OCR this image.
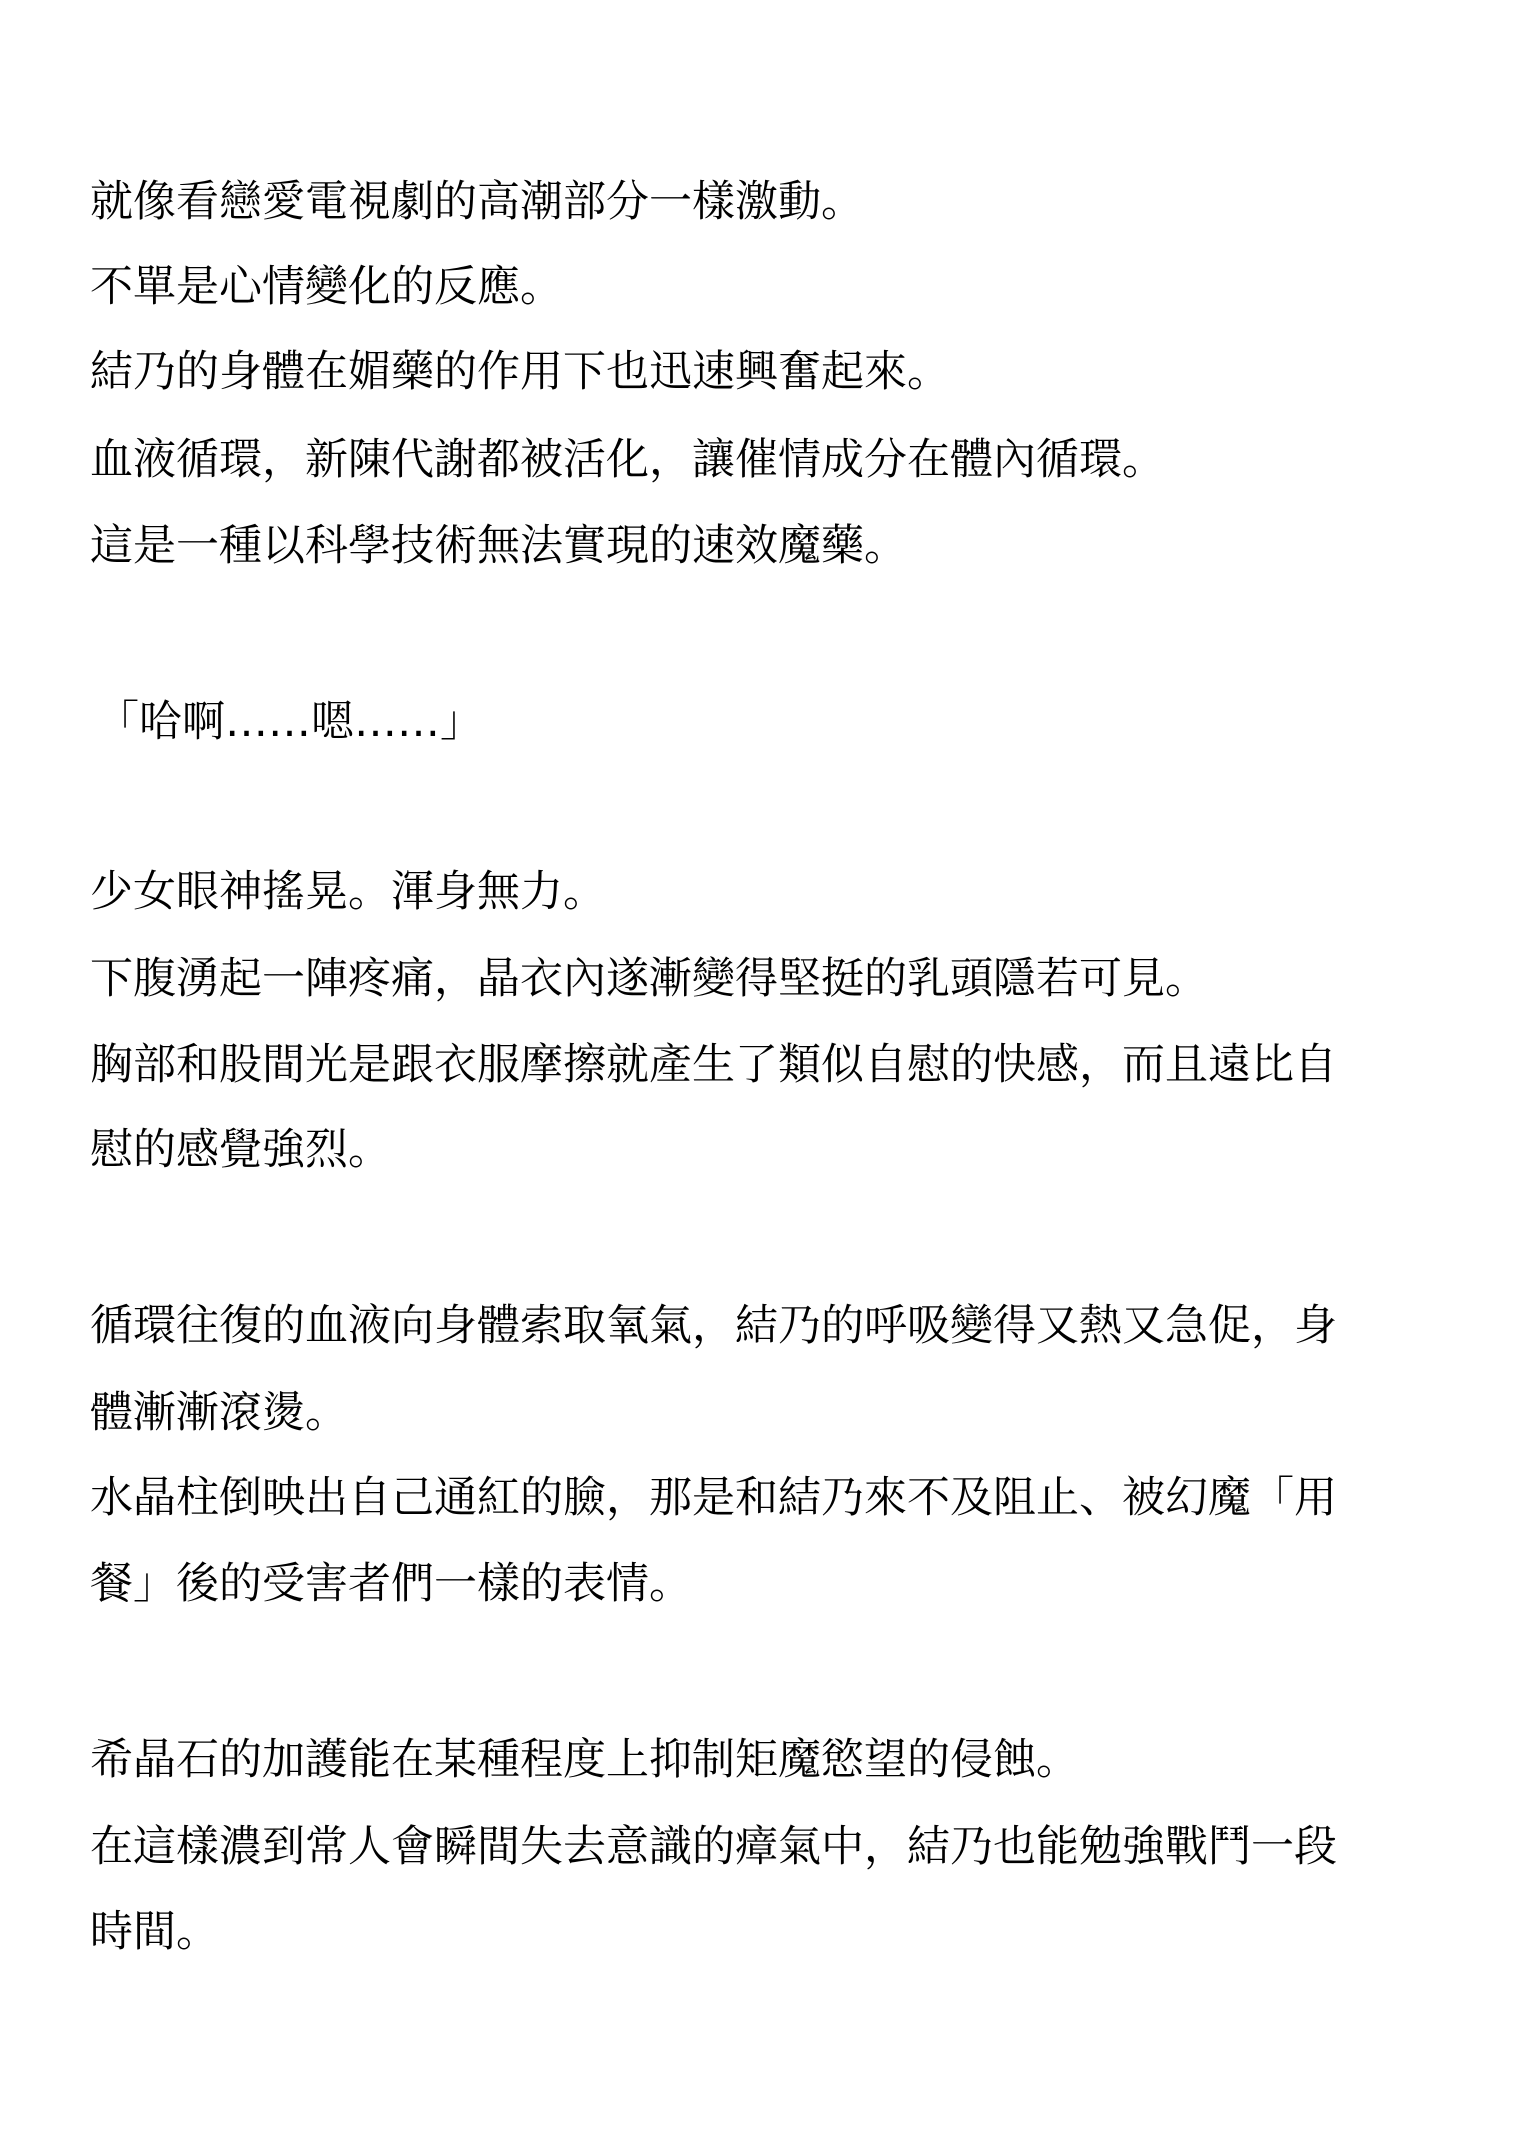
就像看戀愛電視劇的高潮部分一樣激動。

不單是心情變化的反應。

結乃的身體在媚藥的作用下也迅速興奮起來。

血液循環，新陳代謝都被活化，讓催情成分在體內循環。

這是一種以科學技術無法實現的速效魔藥。

「哈啊……嗯……」

少女眼神搖晃。渾身無力。

下腹湧起一陣疼痛，晶衣內遂漸變得堅挺的乳頭隱若可見。

胸部和股間光是跟衣服摩擦就產生了類似自慰的快感，而且遠比自

慰的感覺強烈。

循環往復的血液向身體索取氧氣，結乃的呼吸變得又熱又急促，身

體漸漸滾燙。

水晶柱倒映出自己通紅的臉，那是和結乃來不及阻止、被幻魔「用

餐」後的受害者們一樣的表情。

希晶石的加護能在某種程度上抑制矩魔慾望的侵蝕。

在這樣濃到常人會瞬間失去意識的瘴氣中，結乃也能勉強戰鬥一段

時間。
